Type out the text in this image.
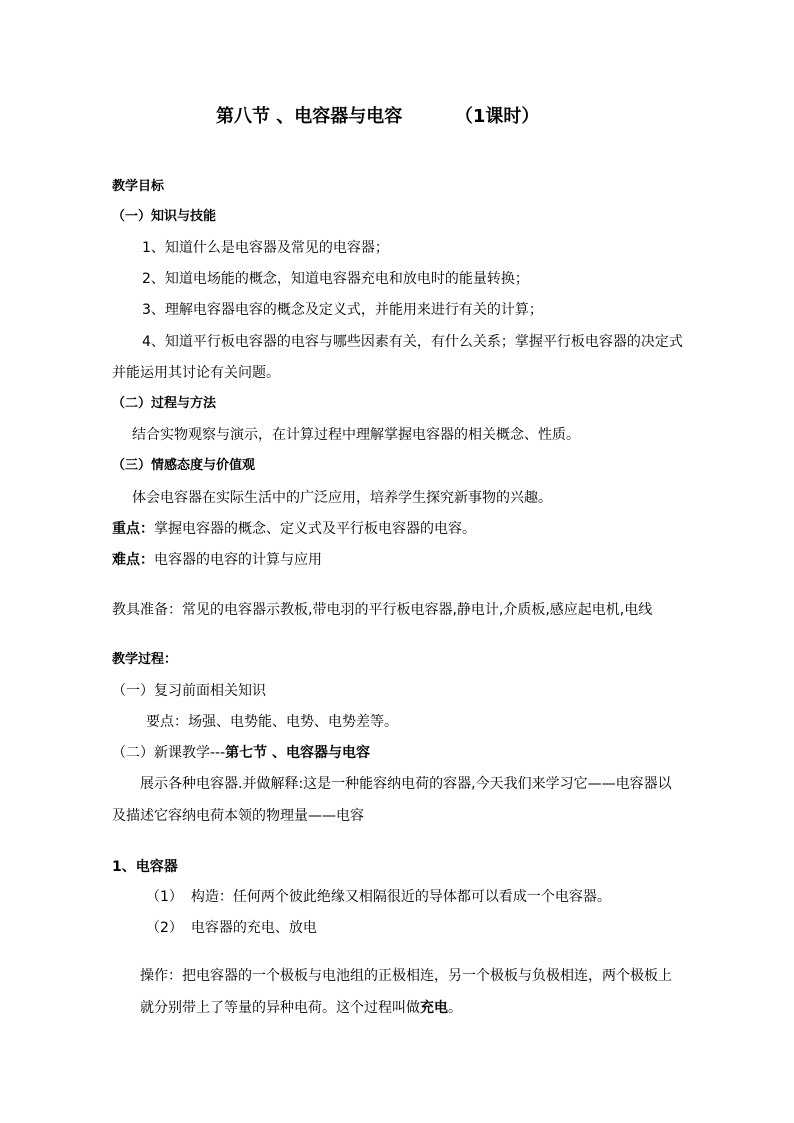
第八节 、电容器与电容	（1课时）
教学目标
（一）知识与技能
1、知道什么是电容器及常见的电容器；
2、知道电场能的概念，知道电容器充电和放电时的能量转换；
3、理解电容器电容的概念及定义式，并能用来进行有关的计算；
4、知道平行板电容器的电容与哪些因素有关，有什么关系；掌握平行板电容器的决定式
并能运用其讨论有关问题。
（二）过程与方法
结合实物观察与演示，在计算过程中理解掌握电容器的相关概念、性质。
（三）情感态度与价值观
体会电容器在实际生活中的广泛应用，培养学生探究新事物的兴趣。
重点：掌握电容器的概念、定义式及平行板电容器的电容。
难点：电容器的电容的计算与应用
教具准备：常见的电容器示教板,带电羽的平行板电容器,静电计,介质板,感应起电机,电线
教学过程：
（一）复习前面相关知识
要点：场强、电势能、电势、电势差等。
（二）新课教学---第七节 、电容器与电容
展示各种电容器.并做解释:这是一种能容纳电荷的容器,今天我们来学习它——电容器以
及描述它容纳电荷本领的物理量——电容
1、电容器
（1） 构造：任何两个彼此绝缘又相隔很近的导体都可以看成一个电容器。
（2） 电容器的充电、放电
操作：把电容器的一个极板与电池组的正极相连，另一个极板与负极相连，两个极板上
就分别带上了等量的异种电荷。这个过程叫做充电。
